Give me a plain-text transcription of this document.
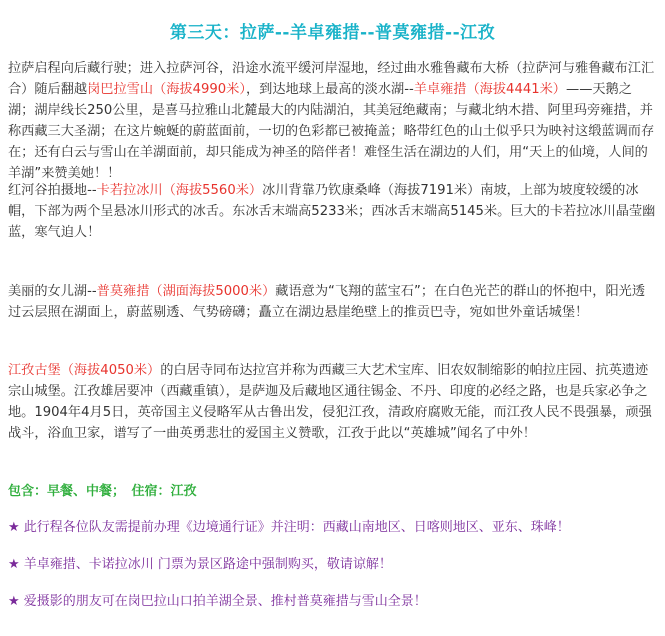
第三天：拉萨--羊卓雍措--普莫雍措--江孜

拉萨启程向后藏行驶；进入拉萨河谷，沿途水流平缓河岸湿地，经过曲水雅鲁藏布大桥（拉萨河与雅鲁藏布江汇合）随后翻越岗巴拉雪山（海拔4990米），到达地球上最高的淡水湖--羊卓雍措（海拔4441米）——天鹅之湖；湖岸线长250公里，是喜马拉雅山北麓最大的内陆湖泊，其美冠绝藏南；与藏北纳木措、阿里玛旁雍措，并称西藏三大圣湖；在这片蜿蜒的蔚蓝面前，一切的色彩都已被掩盖；略带红色的山土似乎只为映衬这缎蓝调而存在；还有白云与雪山在羊湖面前，却只能成为神圣的陪伴者！难怪生活在湖边的人们，用“天上的仙境，人间的羊湖”来赞美她！！

红河谷拍摄地--卡若拉冰川（海拔5560米）冰川背靠乃钦康桑峰（海拔7191米）南坡，上部为坡度较缓的冰帽，下部为两个呈悬冰川形式的冰舌。东冰舌末端高5233米；西冰舌末端高5145米。巨大的卡若拉冰川晶莹幽蓝，寒气迫人！

美丽的女儿湖--普莫雍措（湖面海拔5000米）藏语意为“飞翔的蓝宝石”；在白色光芒的群山的怀抱中，阳光透过云层照在湖面上，蔚蓝剔透、气势磅礴；矗立在湖边悬崖绝壁上的推贡巴寺，宛如世外童话城堡！

江孜古堡（海拔4050米）的白居寺同布达拉宫并称为西藏三大艺术宝库、旧农奴制缩影的帕拉庄园、抗英遗迹宗山城堡。江孜雄居要冲（西藏重镇），是萨迦及后藏地区通往锡金、不丹、印度的必经之路，也是兵家必争之地。1904年4月5日，英帝国主义侵略军从古鲁出发，侵犯江孜，清政府腐败无能，而江孜人民不畏强暴，顽强战斗，浴血卫家，谱写了一曲英勇悲壮的爱国主义赞歌，江孜于此以“英雄城”闻名了中外！

包含：早餐、中餐；　住宿：江孜

★ 此行程各位队友需提前办理《边境通行证》并注明：西藏山南地区、日喀则地区、亚东、珠峰！

★ 羊卓雍措、卡诺拉冰川 门票为景区路途中强制购买，敬请谅解！

★ 爱摄影的朋友可在岗巴拉山口拍羊湖全景、推村普莫雍措与雪山全景！
